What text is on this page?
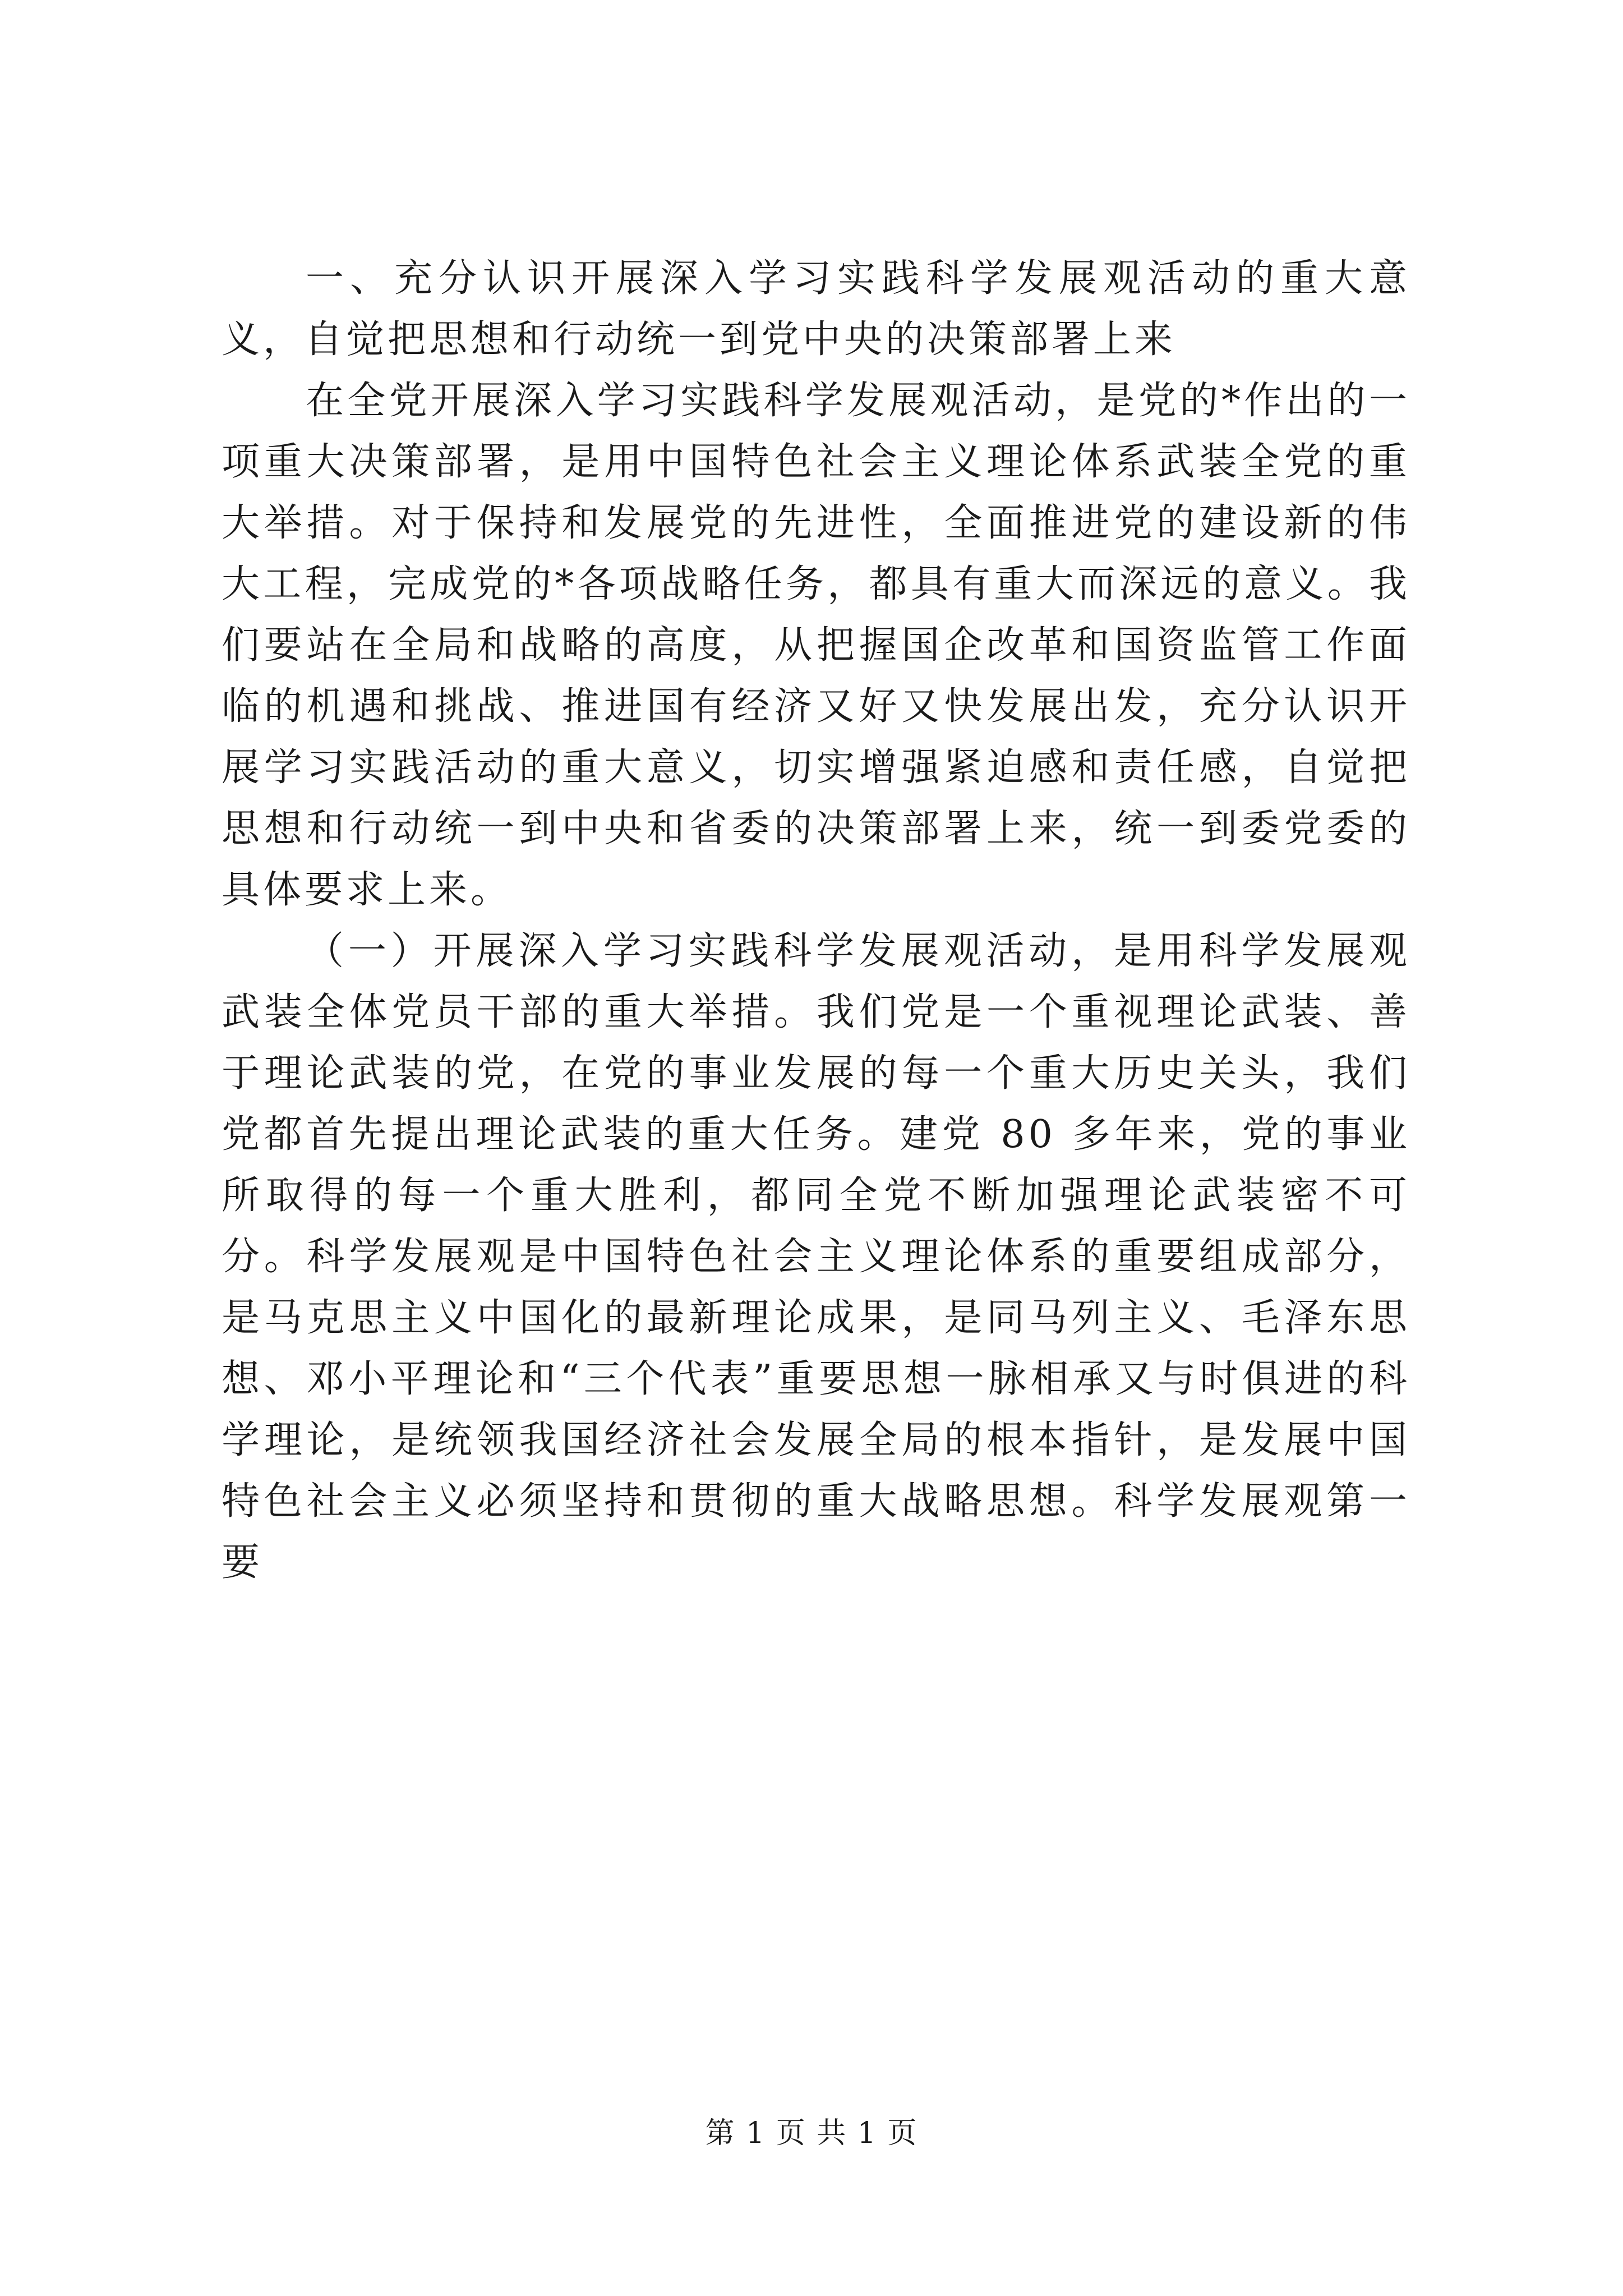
一、充分认识开展深入学习实践科学发展观活动的重大意义，自觉把思想和行动统一到党中央的决策部署上来

在全党开展深入学习实践科学发展观活动，是党的*作出的一项重大决策部署，是用中国特色社会主义理论体系武装全党的重大举措。对于保持和发展党的先进性，全面推进党的建设新的伟大工程，完成党的*各项战略任务，都具有重大而深远的意义。我们要站在全局和战略的高度，从把握国企改革和国资监管工作面临的机遇和挑战、推进国有经济又好又快发展出发，充分认识开展学习实践活动的重大意义，切实增强紧迫感和责任感，自觉把思想和行动统一到中央和省委的决策部署上来，统一到委党委的具体要求上来。

（一）开展深入学习实践科学发展观活动，是用科学发展观武装全体党员干部的重大举措。我们党是一个重视理论武装、善于理论武装的党，在党的事业发展的每一个重大历史关头，我们党都首先提出理论武装的重大任务。建党 80 多年来，党的事业所取得的每一个重大胜利，都同全党不断加强理论武装密不可分。科学发展观是中国特色社会主义理论体系的重要组成部分，是马克思主义中国化的最新理论成果，是同马列主义、毛泽东思想、邓小平理论和“三个代表”重要思想一脉相承又与时俱进的科学理论，是统领我国经济社会发展全局的根本指针，是发展中国特色社会主义必须坚持和贯彻的重大战略思想。科学发展观第一要

第 1 页 共 1 页
